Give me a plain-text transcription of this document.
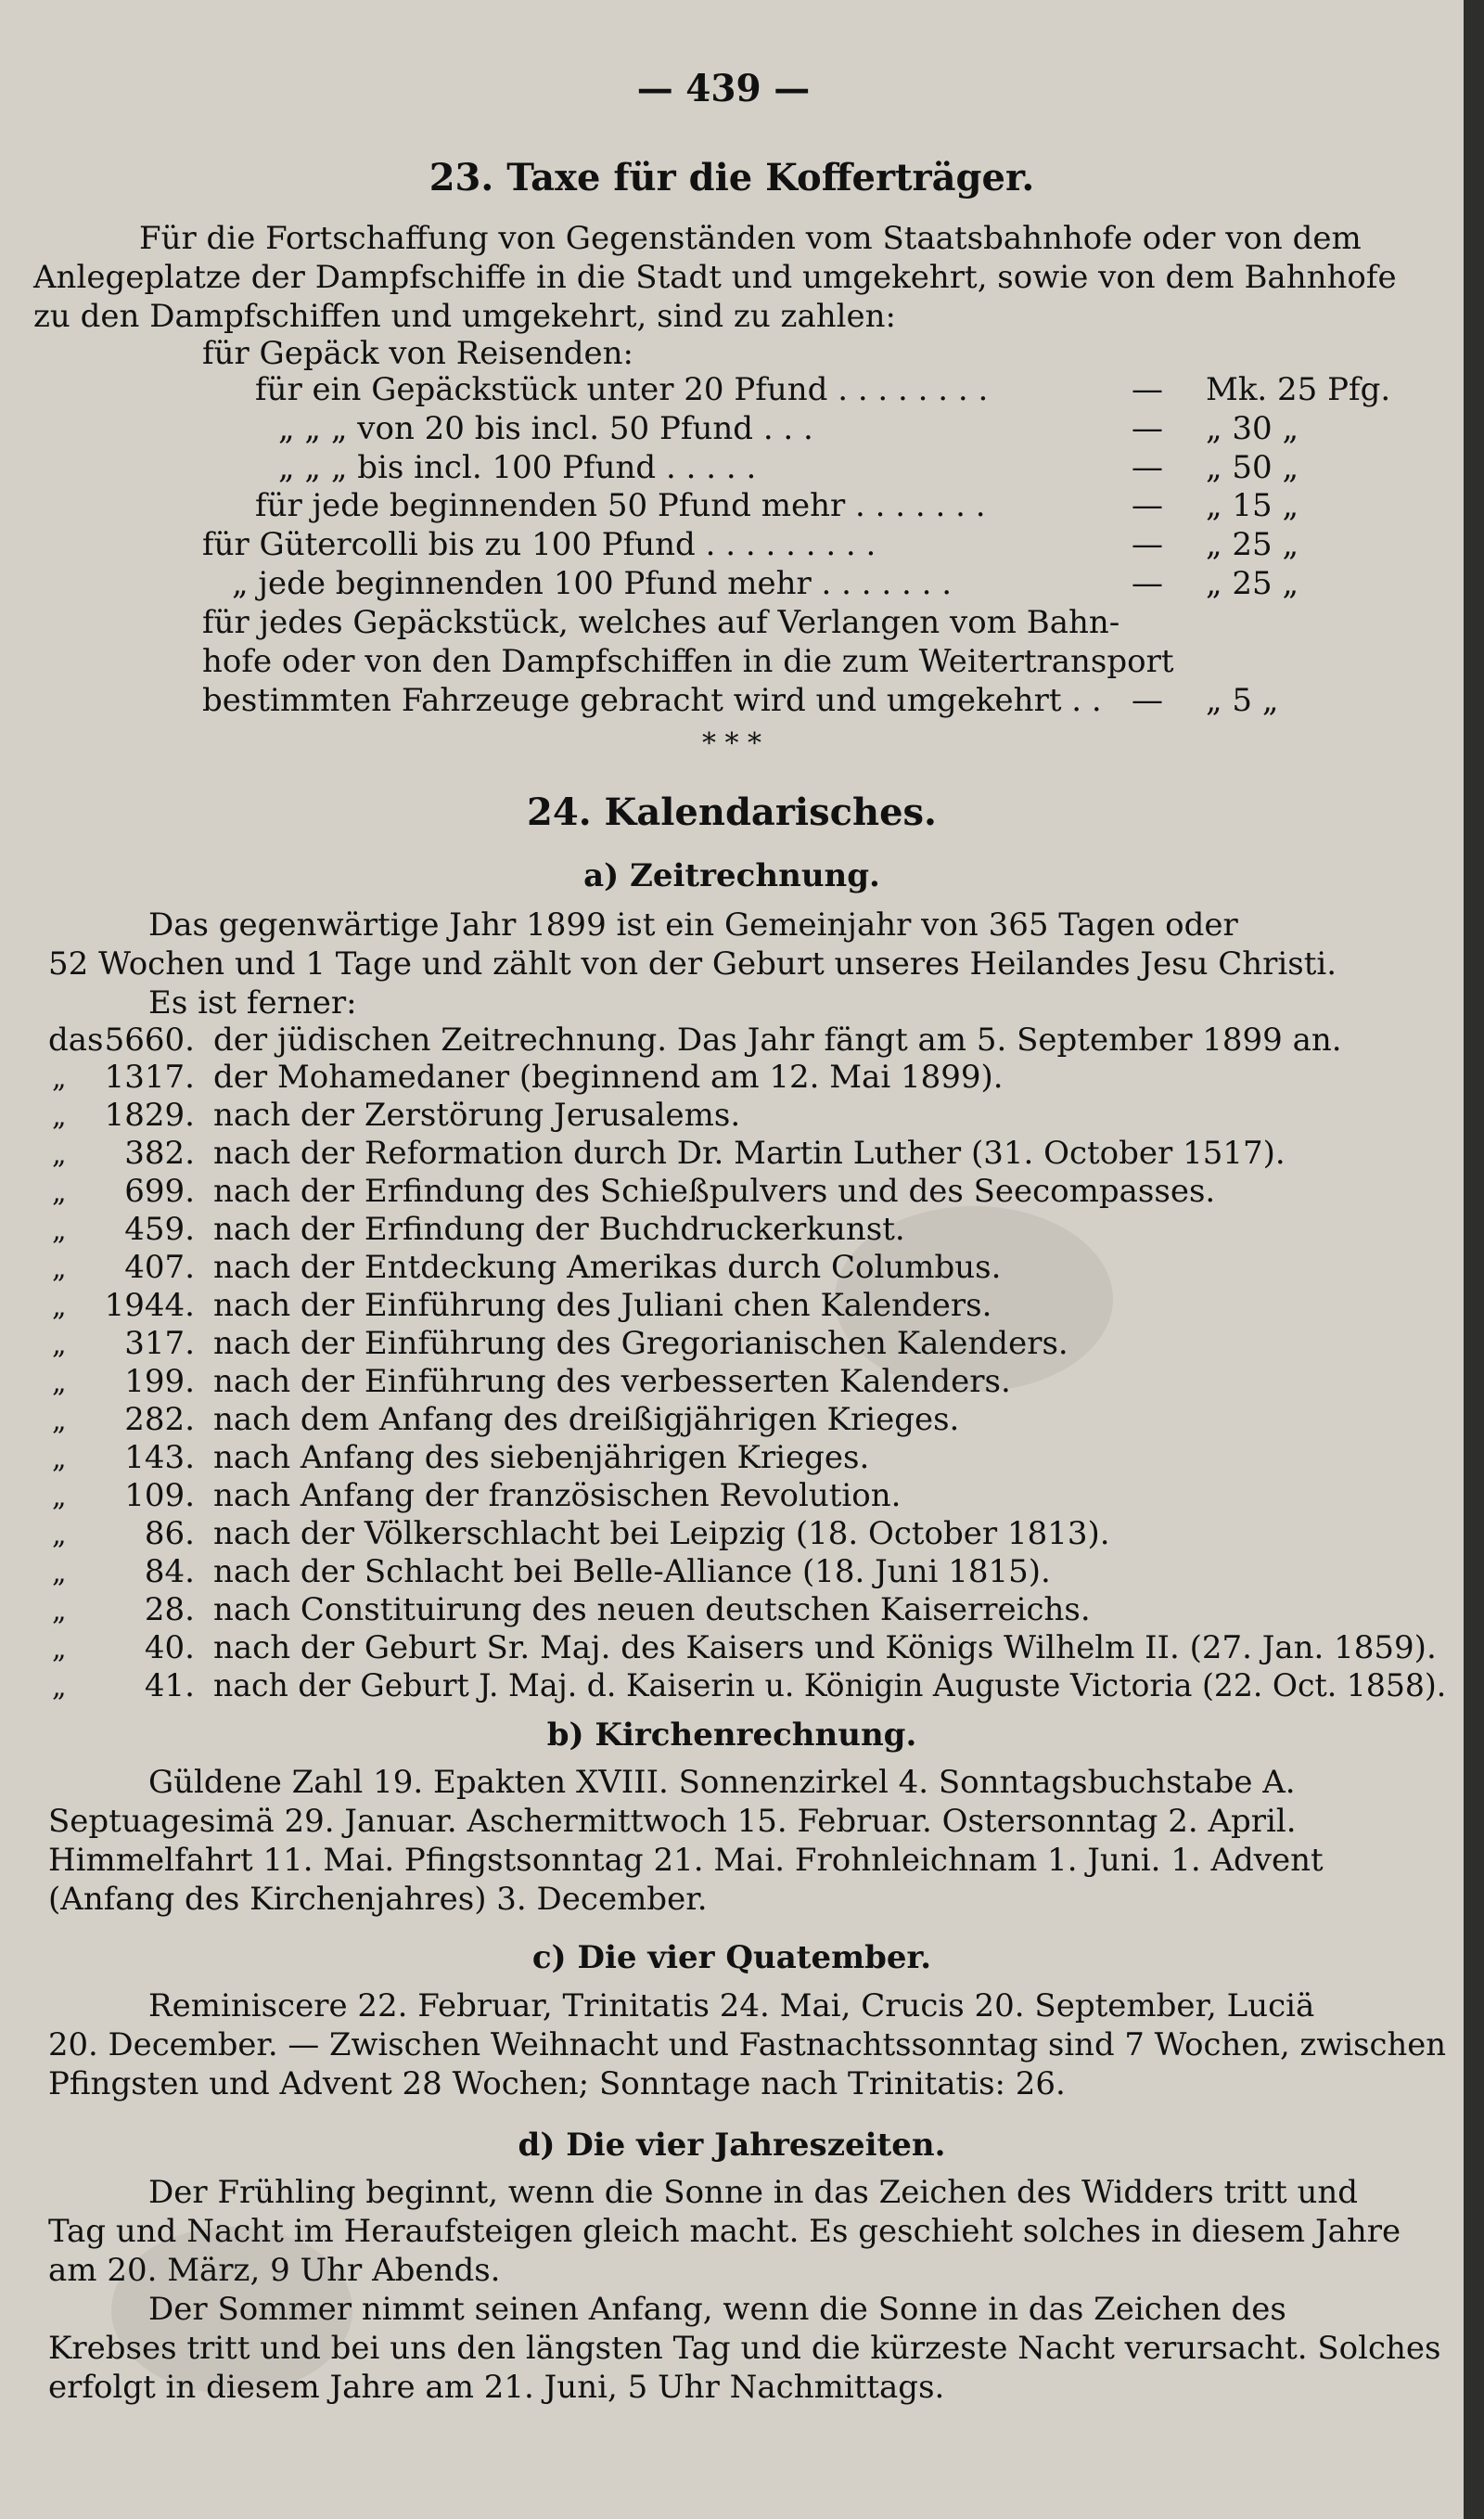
— 439 —
23. Taxe für die Kofferträger.
Für die Fortschaffung von Gegenständen vom Staatsbahnhofe oder von dem
Anlegeplatze der Dampfschiffe in die Stadt und umgekehrt, sowie von dem Bahnhofe
zu den Dampfschiffen und umgekehrt, sind zu zahlen:
für Gepäck von Reisenden:
für ein Gepäckstück unter 20 Pfund . . . . . . . .	— Mk. 25 Pfg.
„ „ „ von 20 bis incl. 50 Pfund . . .	— „ 30 „
„ „ „ bis incl. 100 Pfund . . . . .	— „ 50 „
für jede beginnenden 50 Pfund mehr . . . . . . .	— „ 15 „
für Gütercolli bis zu 100 Pfund . . . . . . . . .	— „ 25 „
„ jede beginnenden 100 Pfund mehr . . . . . . .	— „ 25 „
für jedes Gepäckstück, welches auf Verlangen vom Bahn-
hofe oder von den Dampfschiffen in die zum Weitertransport
bestimmten Fahrzeuge gebracht wird und umgekehrt . . — „ 5 „
* * *
24. Kalendarisches.
a) Zeitrechnung.
Das gegenwärtige Jahr 1899 ist ein Gemeinjahr von 365 Tagen oder
52 Wochen und 1 Tage und zählt von der Geburt unseres Heilandes Jesu Christi.
Es ist ferner:
das 5660. der jüdischen Zeitrechnung. Das Jahr fängt am 5. September 1899 an.
„	1317. der Mohamedaner (beginnend am 12. Mai 1899).
„	1829. nach der Zerstörung Jerusalems.
„	382. nach der Reformation durch Dr. Martin Luther (31. October 1517).
„	699. nach der Erfindung des Schießpulvers und des Seecompasses.
„	459. nach der Erfindung der Buchdruckerkunst.
„	407. nach der Entdeckung Amerikas durch Columbus.
„	1944. nach der Einführung des Juliani chen Kalenders.
„	317. nach der Einführung des Gregorianischen Kalenders.
„	199. nach der Einführung des verbesserten Kalenders.
„	282. nach dem Anfang des dreißigjährigen Krieges.
„	143. nach Anfang des siebenjährigen Krieges.
„	109. nach Anfang der französischen Revolution.
„	86. nach der Völkerschlacht bei Leipzig (18. October 1813).
„	84. nach der Schlacht bei Belle-Alliance (18. Juni 1815).
„	28. nach Constituirung des neuen deutschen Kaiserreichs.
„	40. nach der Geburt Sr. Maj. des Kaisers und Königs Wilhelm II. (27. Jan. 1859).
„	41. nach der Geburt J. Maj. d. Kaiserin u. Königin Auguste Victoria (22. Oct. 1858).
b) Kirchenrechnung.
Güldene Zahl 19. Epakten XVIII. Sonnenzirkel 4. Sonntagsbuchstabe A.
Septuagesimä 29. Januar. Aschermittwoch 15. Februar. Ostersonntag 2. April.
Himmelfahrt 11. Mai. Pfingstsonntag 21. Mai. Frohnleichnam 1. Juni. 1. Advent
(Anfang des Kirchenjahres) 3. December.
c) Die vier Quatember.
Reminiscere 22. Februar, Trinitatis 24. Mai, Crucis 20. September, Luciä
20. December. — Zwischen Weihnacht und Fastnachtssonntag sind 7 Wochen, zwischen
Pfingsten und Advent 28 Wochen; Sonntage nach Trinitatis: 26.
d) Die vier Jahreszeiten.
Der Frühling beginnt, wenn die Sonne in das Zeichen des Widders tritt und
Tag und Nacht im Heraufsteigen gleich macht. Es geschieht solches in diesem Jahre
am 20. März, 9 Uhr Abends.
Der Sommer nimmt seinen Anfang, wenn die Sonne in das Zeichen des
Krebses tritt und bei uns den längsten Tag und die kürzeste Nacht verursacht. Solches
erfolgt in diesem Jahre am 21. Juni, 5 Uhr Nachmittags.
